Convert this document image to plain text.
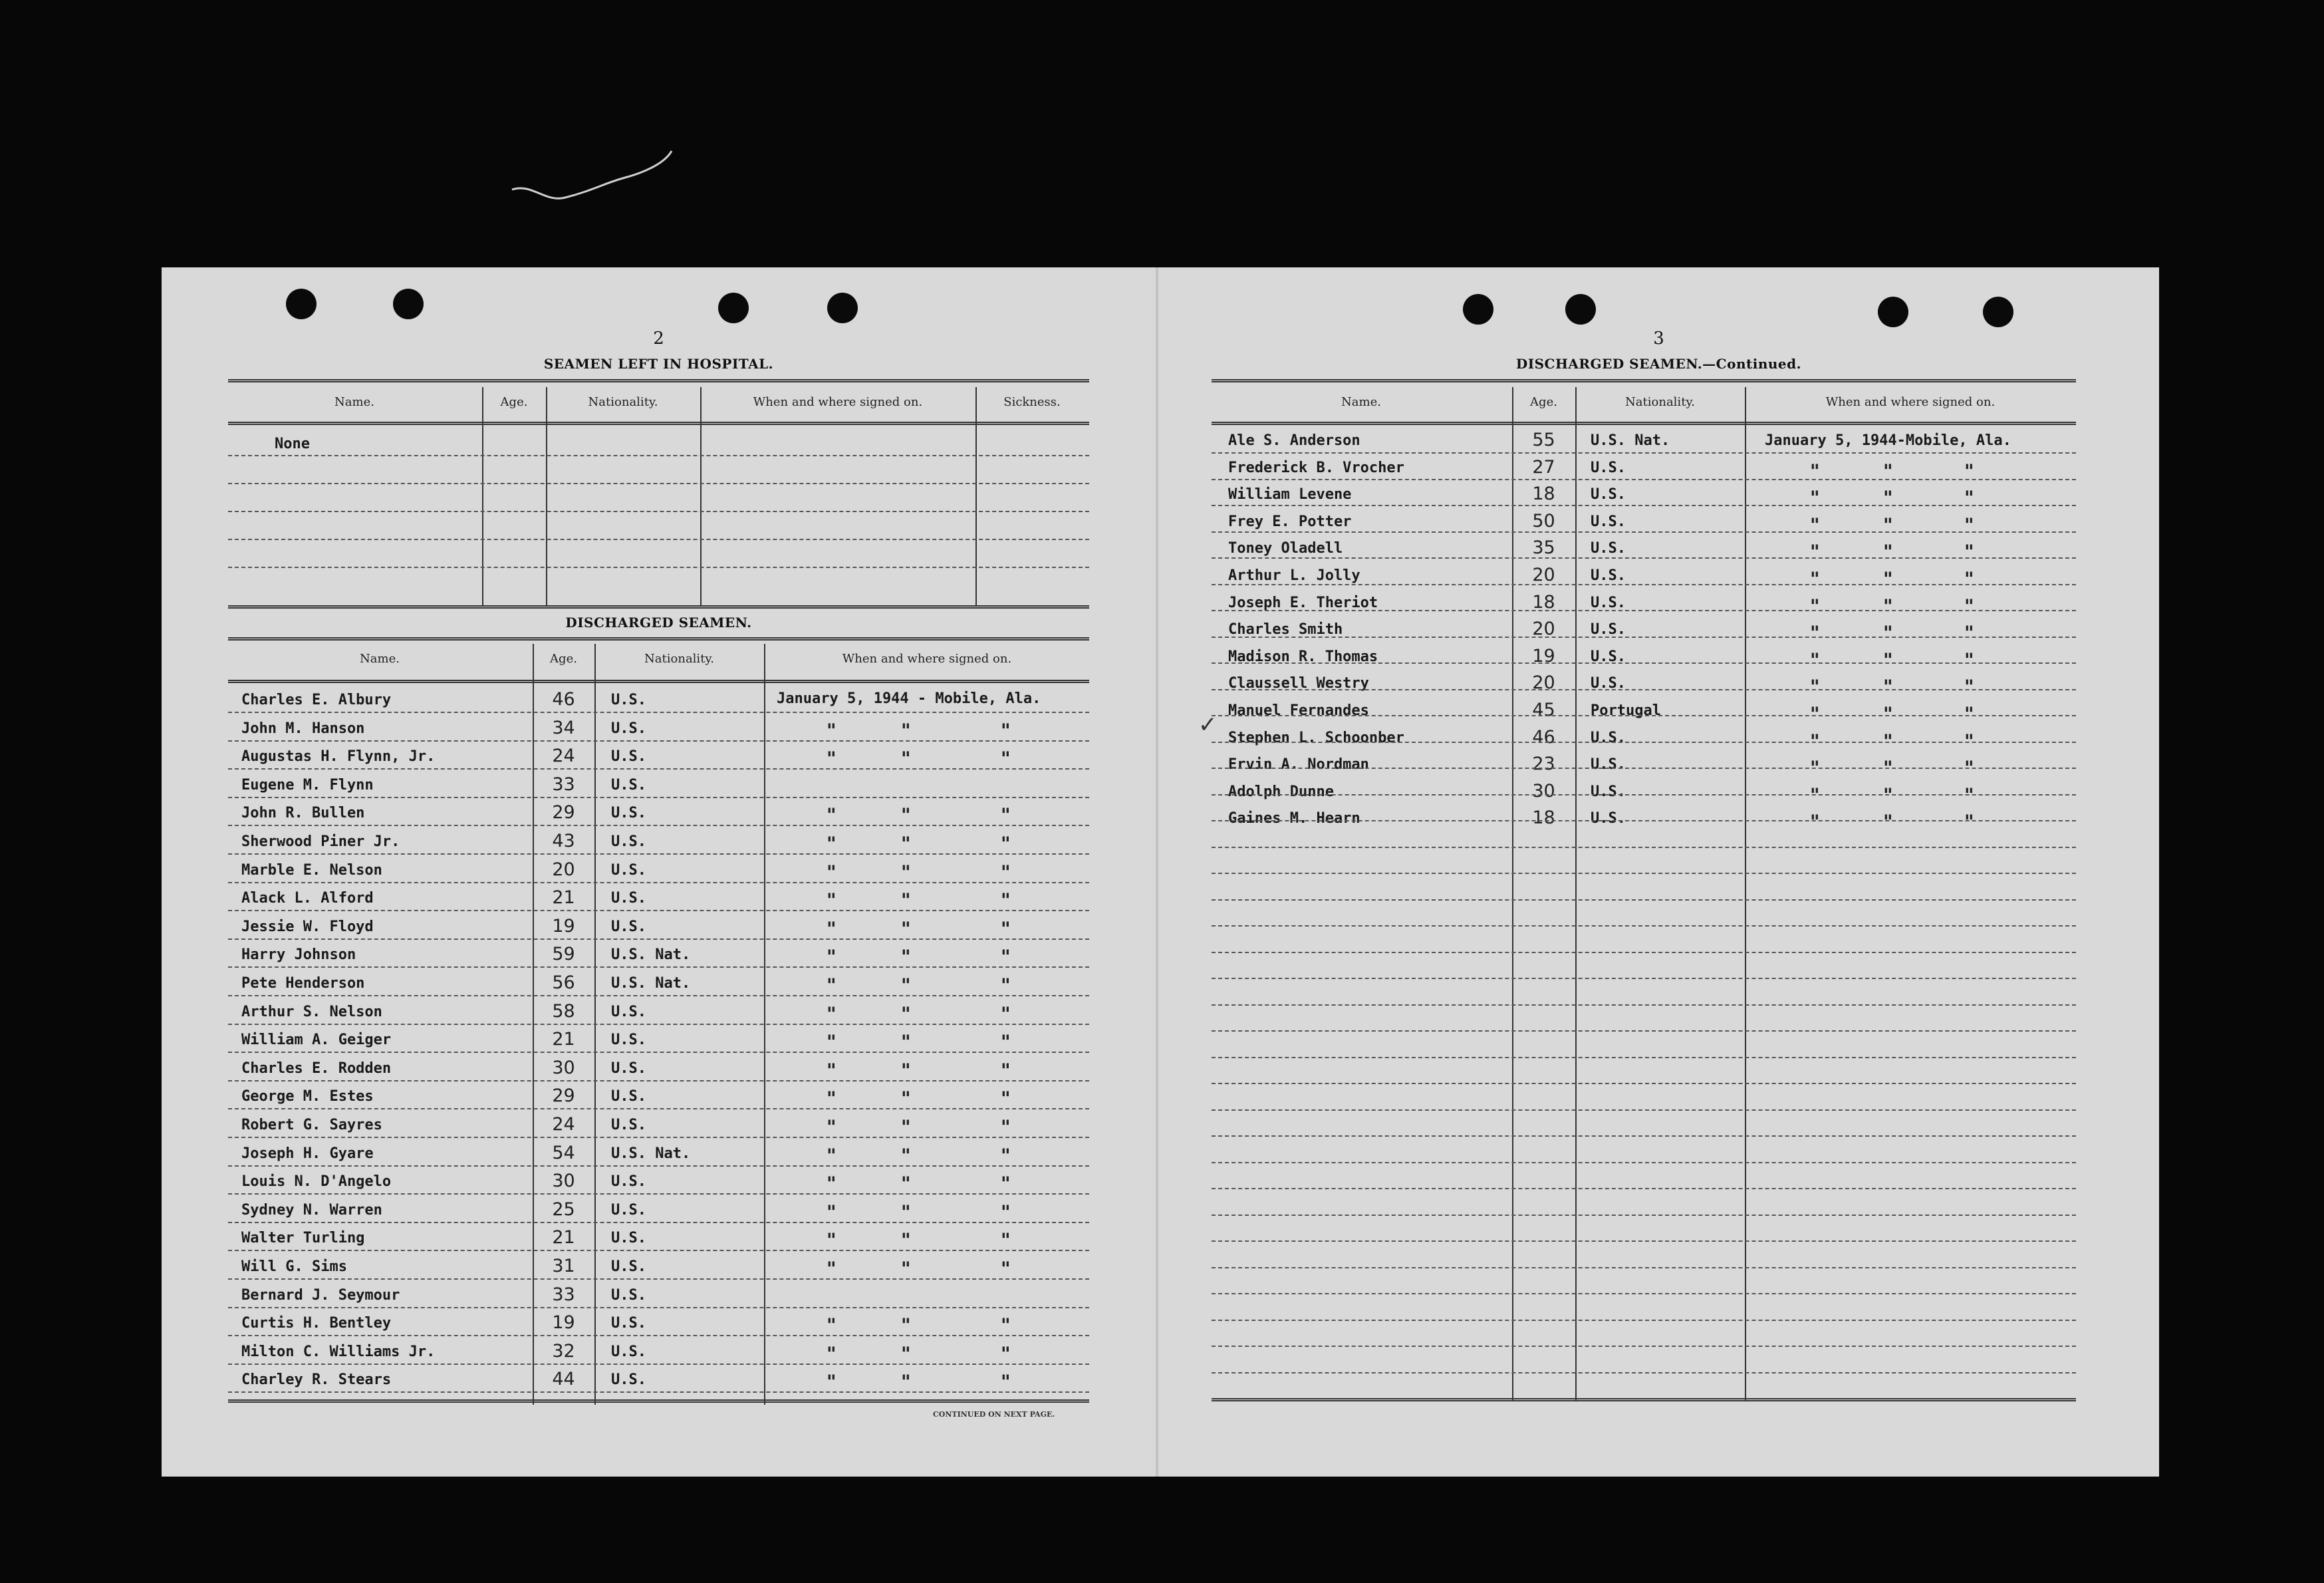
2
SEAMEN LEFT IN HOSPITAL.
Name.	Age.	Nationality.	When and where signed on.	Sickness.
None
DISCHARGED SEAMEN.
Name.	Age.	Nationality.	When and where signed on.
Charles E. Albury	46	U.S.	January 5, 1944 - Mobile, Ala.
John M. Hanson	34	U.S.	"	"	"
Augustas H. Flynn, Jr.	24	U.S.	"	"	"
Eugene M. Flynn	33	U.S.
John R. Bullen	29	U.S.	"	"	"
Sherwood Piner Jr.	43	U.S.	"	"	"
Marble E. Nelson	20	U.S.	"	"	"
Alack L. Alford	21	U.S.	"	"	"
Jessie W. Floyd	19	U.S.	"	"	"
Harry Johnson	59	U.S. Nat.	"	"	"
Pete Henderson	56	U.S. Nat.	"	"	"
Arthur S. Nelson	58	U.S.	"	"	"
William A. Geiger	21	U.S.	"	"	"
Charles E. Rodden	30	U.S.	"	"	"
George M. Estes	29	U.S.	"	"	"
Robert G. Sayres	24	U.S.	"	"	"
Joseph H. Gyare	54	U.S. Nat.	"	"	"
Louis N. D'Angelo	30	U.S.	"	"	"
Sydney N. Warren	25	U.S.	"	"	"
Walter Turling	21	U.S.	"	"	"
Will G. Sims	31	U.S.	"	"	"
Bernard J. Seymour	33	U.S.
Curtis H. Bentley	19	U.S.	"	"	"
Milton C. Williams Jr.	32	U.S.	"	"	"
Charley R. Stears	44	U.S.	"	"	"
CONTINUED ON NEXT PAGE.
3
DISCHARGED SEAMEN.—Continued.
Name.	Age.	Nationality.	When and where signed on.
✓
Ale S. Anderson	55	U.S. Nat.	January 5, 1944-Mobile, Ala.
Frederick B. Vrocher	27	U.S.	"	"	"
William Levene	18	U.S.	"	"	"
Frey E. Potter	50	U.S.	"	"	"
Toney Oladell	35	U.S.	"	"	"
Arthur L. Jolly	20	U.S.	"	"	"
Joseph E. Theriot	18	U.S.	"	"	"
Charles Smith	20	U.S.	"	"	"
Madison R. Thomas	19	U.S.	"	"	"
Claussell Westry	20	U.S.	"	"	"
Manuel Fernandes	45	Portugal	"	"	"
Stephen L. Schoonber	46	U.S.	"	"	"
Ervin A. Nordman	23	U.S.	"	"	"
Adolph Dunne	30	U.S.	"	"	"
Gaines M. Hearn	18	U.S.	"	"	"
